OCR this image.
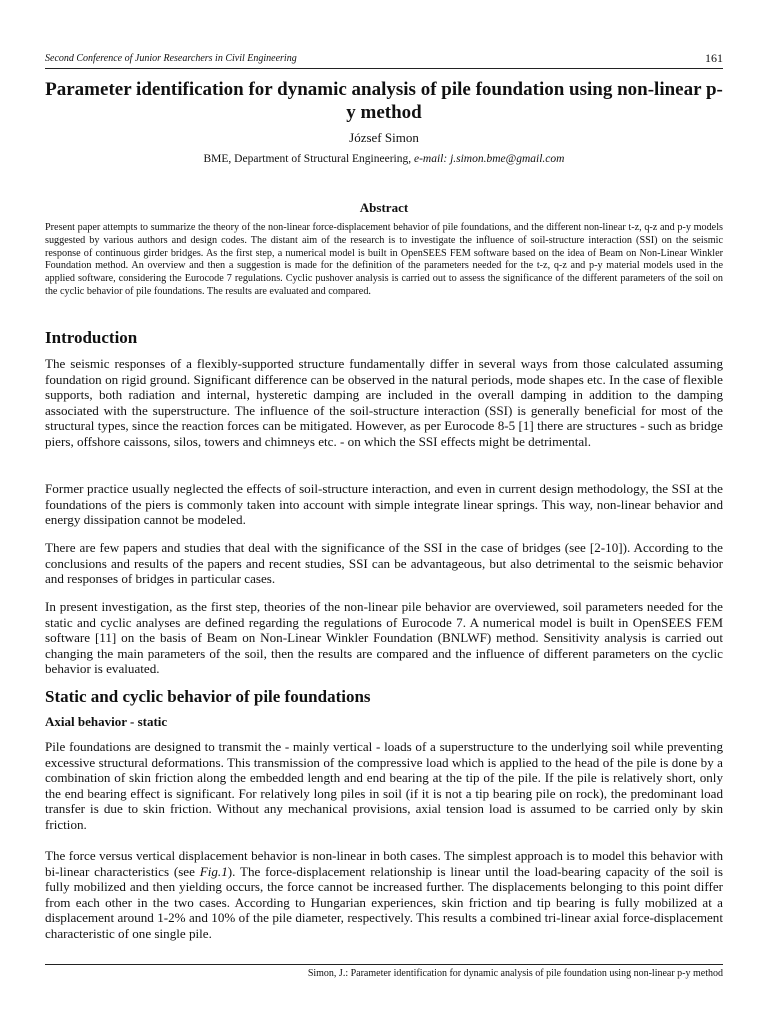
Second Conference of Junior Researchers in Civil Engineering	161
Parameter identification for dynamic analysis of pile foundation using non-linear p-y method
József Simon
BME, Department of Structural Engineering, e-mail: j.simon.bme@gmail.com
Abstract
Present paper attempts to summarize the theory of the non-linear force-displacement behavior of pile foundations, and the different non-linear t-z, q-z and p-y models suggested by various authors and design codes. The distant aim of the research is to investigate the influence of soil-structure interaction (SSI) on the seismic response of continuous girder bridges. As the first step, a numerical model is built in OpenSEES FEM software based on the idea of Beam on Non-Linear Winkler Foundation method. An overview and then a suggestion is made for the definition of the parameters needed for the t-z, q-z and p-y material models used in the applied software, considering the Eurocode 7 regulations. Cyclic pushover analysis is carried out to assess the significance of the different parameters of the soil on the cyclic behavior of pile foundations. The results are evaluated and compared.
Introduction
The seismic responses of a flexibly-supported structure fundamentally differ in several ways from those calculated assuming foundation on rigid ground. Significant difference can be observed in the natural periods, mode shapes etc. In the case of flexible supports, both radiation and internal, hysteretic damping are included in the overall damping in addition to the damping associated with the superstructure. The influence of the soil-structure interaction (SSI) is generally beneficial for most of the structural types, since the reaction forces can be mitigated. However, as per Eurocode 8-5 [1] there are structures - such as bridge piers, offshore caissons, silos, towers and chimneys etc. - on which the SSI effects might be detrimental.
Former practice usually neglected the effects of soil-structure interaction, and even in current design methodology, the SSI at the foundations of the piers is commonly taken into account with simple integrate linear springs. This way, non-linear behavior and energy dissipation cannot be modeled.
There are few papers and studies that deal with the significance of the SSI in the case of bridges (see [2-10]). According to the conclusions and results of the papers and recent studies, SSI can be advantageous, but also detrimental to the seismic behavior and responses of bridges in particular cases.
In present investigation, as the first step, theories of the non-linear pile behavior are overviewed, soil parameters needed for the static and cyclic analyses are defined regarding the regulations of Eurocode 7. A numerical model is built in OpenSEES FEM software [11] on the basis of Beam on Non-Linear Winkler Foundation (BNLWF) method. Sensitivity analysis is carried out changing the main parameters of the soil, then the results are compared and the influence of different parameters on the cyclic behavior is evaluated.
Static and cyclic behavior of pile foundations
Axial behavior - static
Pile foundations are designed to transmit the - mainly vertical - loads of a superstructure to the underlying soil while preventing excessive structural deformations. This transmission of the compressive load which is applied to the head of the pile is done by a combination of skin friction along the embedded length and end bearing at the tip of the pile. If the pile is relatively short, only the end bearing effect is significant. For relatively long piles in soil (if it is not a tip bearing pile on rock), the predominant load transfer is due to skin friction. Without any mechanical provisions, axial tension load is assumed to be carried only by skin friction.
The force versus vertical displacement behavior is non-linear in both cases. The simplest approach is to model this behavior with bi-linear characteristics (see Fig.1). The force-displacement relationship is linear until the load-bearing capacity of the soil is fully mobilized and then yielding occurs, the force cannot be increased further. The displacements belonging to this point differ from each other in the two cases. According to Hungarian experiences, skin friction and tip bearing is fully mobilized at a displacement around 1-2% and 10% of the pile diameter, respectively. This results a combined tri-linear axial force-displacement characteristic of one single pile.
Simon, J.: Parameter identification for dynamic analysis of pile foundation using non-linear p-y method
